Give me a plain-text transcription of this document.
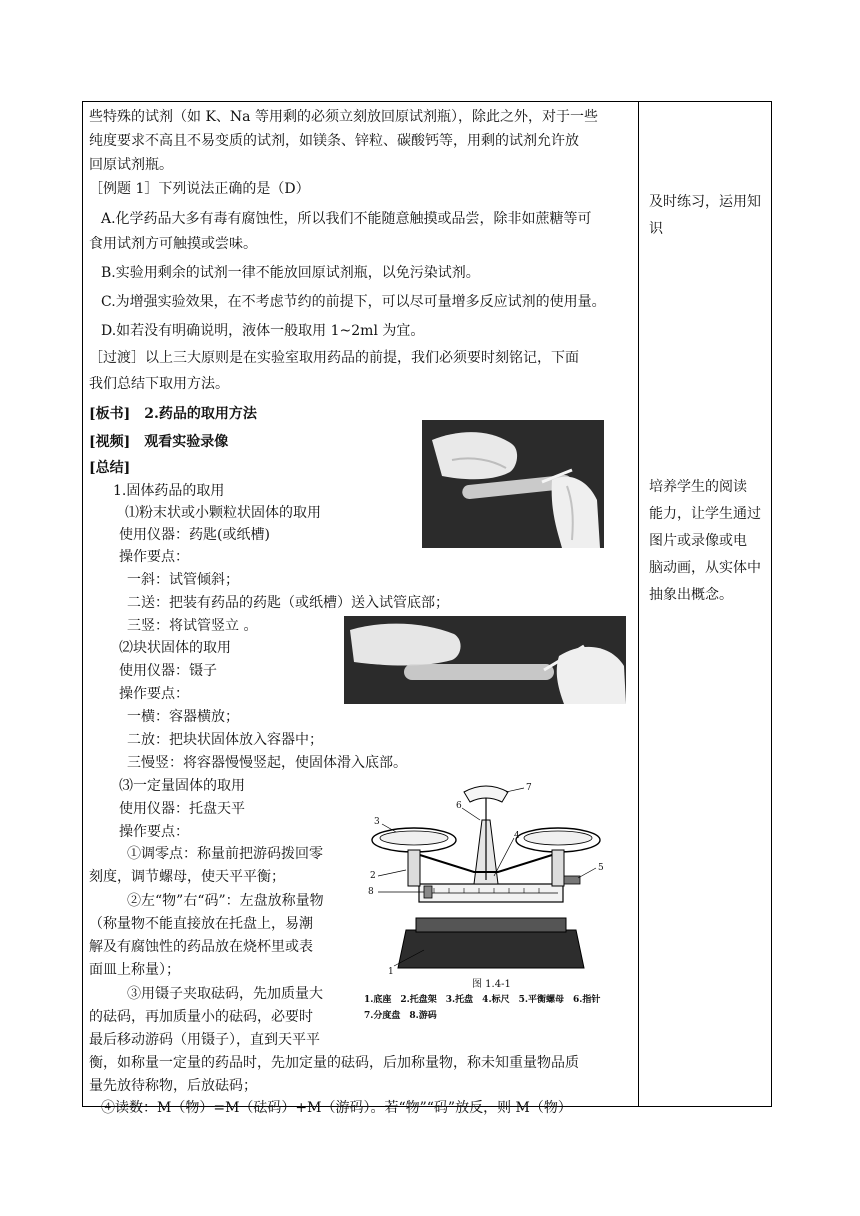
些特殊的试剂（如 K、Na 等用剩的必须立刻放回原试剂瓶），除此之外，对于一些
纯度要求不高且不易变质的试剂，如镁条、锌粒、碳酸钙等，用剩的试剂允许放
回原试剂瓶。
［例题 1］下列说法正确的是（D）
A.化学药品大多有毒有腐蚀性，所以我们不能随意触摸或品尝，除非如蔗糖等可
食用试剂方可触摸或尝味。
B.实验用剩余的试剂一律不能放回原试剂瓶，以免污染试剂。
C.为增强实验效果，在不考虑节约的前提下，可以尽可量增多反应试剂的使用量。
D.如若没有明确说明，液体一般取用 1~2ml 为宜。
［过渡］以上三大原则是在实验室取用药品的前提，我们必须要时刻铭记，下面
我们总结下取用方法。
[板书]　2.药品的取用方法
[视频]　观看实验录像
[总结]
1.固体药品的取用
⑴粉末状或小颗粒状固体的取用
使用仪器：药匙(或纸槽)
操作要点：
一斜：试管倾斜；
二送：把装有药品的药匙（或纸槽）送入试管底部；
三竖：将试管竖立 。
⑵块状固体的取用
使用仪器：镊子
操作要点：
一横：容器横放；
二放：把块状固体放入容器中；
三慢竖：将容器慢慢竖起，使固体滑入底部。
⑶一定量固体的取用
使用仪器：托盘天平
操作要点：
①调零点：称量前把游码拨回零
刻度，调节螺母，使天平平衡；
②左“物”右“码”：左盘放称量物
（称量物不能直接放在托盘上，易潮
解及有腐蚀性的药品放在烧杯里或表
面皿上称量）；
③用镊子夹取砝码，先加质量大
的砝码，再加质量小的砝码，必要时
最后移动游码（用镊子），直到天平平
衡，如称量一定量的药品时，先加定量的砝码，后加称量物，称未知重量物品质
量先放待称物，后放砝码；
④读数：M（物）=M（砝码）+M（游码）。若“物”“码”放反，则 M（物）
及时练习，运用知
识
培养学生的阅读
能力，让学生通过
图片或录像或电
脑动画，从实体中
抽象出概念。
1
2
3
4
5
6
7
8
图 1.4-1
1.底座　2.托盘架　3.托盘　4.标尺　5.平衡螺母　6.指针
7.分度盘　8.游码
